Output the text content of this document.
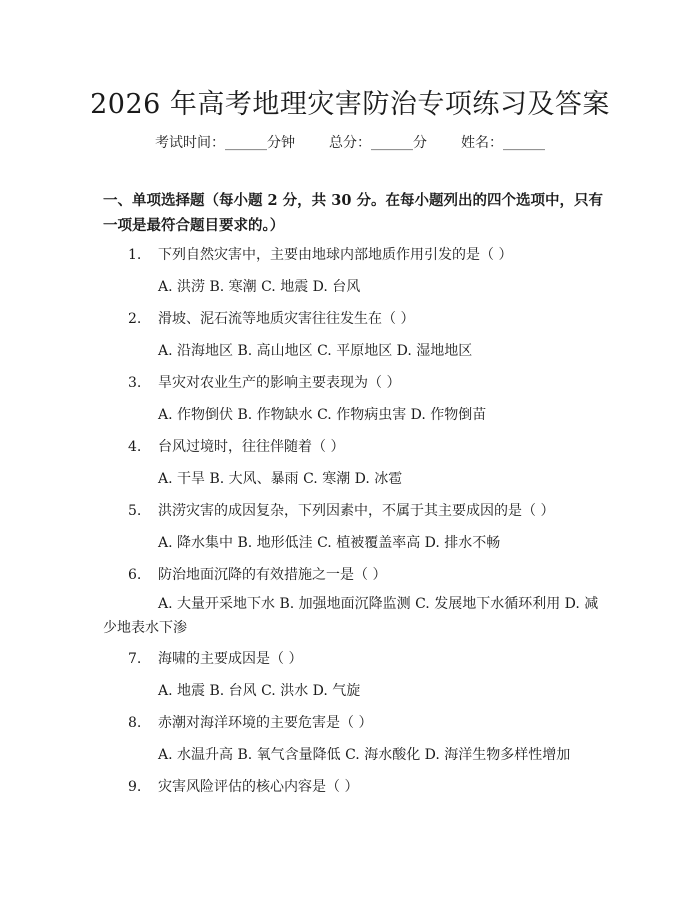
2026 年高考地理灾害防治专项练习及答案
考试时间：______分钟 总分：______分 姓名：______

一、单项选择题（每小题 2 分，共 30 分。在每小题列出的四个选项中，只有一项是最符合题目要求的。）

1. 下列自然灾害中，主要由地球内部地质作用引发的是（ ）
A. 洪涝 B. 寒潮 C. 地震 D. 台风
2. 滑坡、泥石流等地质灾害往往发生在（ ）
A. 沿海地区 B. 高山地区 C. 平原地区 D. 湿地地区
3. 旱灾对农业生产的影响主要表现为（ ）
A. 作物倒伏 B. 作物缺水 C. 作物病虫害 D. 作物倒苗
4. 台风过境时，往往伴随着（ ）
A. 干旱 B. 大风、暴雨 C. 寒潮 D. 冰雹
5. 洪涝灾害的成因复杂，下列因素中，不属于其主要成因的是（ ）
A. 降水集中 B. 地形低洼 C. 植被覆盖率高 D. 排水不畅
6. 防治地面沉降的有效措施之一是（ ）
A. 大量开采地下水 B. 加强地面沉降监测 C. 发展地下水循环利用 D. 减少地表水下渗
7. 海啸的主要成因是（ ）
A. 地震 B. 台风 C. 洪水 D. 气旋
8. 赤潮对海洋环境的主要危害是（ ）
A. 水温升高 B. 氧气含量降低 C. 海水酸化 D. 海洋生物多样性增加
9. 灾害风险评估的核心内容是（ ）
